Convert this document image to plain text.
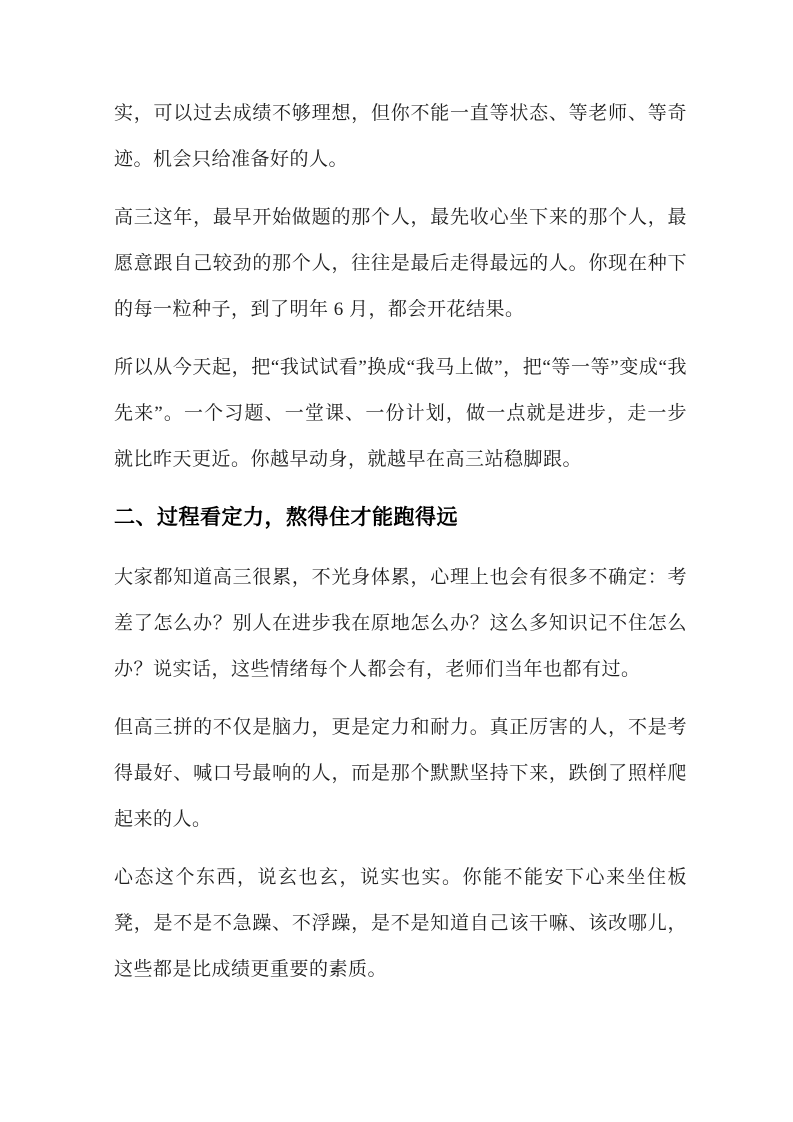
实，可以过去成绩不够理想，但你不能一直等状态、等老师、等奇迹。机会只给准备好的人。

高三这年，最早开始做题的那个人，最先收心坐下来的那个人，最愿意跟自己较劲的那个人，往往是最后走得最远的人。你现在种下的每一粒种子，到了明年 6 月，都会开花结果。

所以从今天起，把“我试试看”换成“我马上做”，把“等一等”变成“我先来”。一个习题、一堂课、一份计划，做一点就是进步，走一步就比昨天更近。你越早动身，就越早在高三站稳脚跟。

二、过程看定力，熬得住才能跑得远

大家都知道高三很累，不光身体累，心理上也会有很多不确定：考差了怎么办？别人在进步我在原地怎么办？这么多知识记不住怎么办？说实话，这些情绪每个人都会有，老师们当年也都有过。

但高三拼的不仅是脑力，更是定力和耐力。真正厉害的人，不是考得最好、喊口号最响的人，而是那个默默坚持下来，跌倒了照样爬起来的人。

心态这个东西，说玄也玄，说实也实。你能不能安下心来坐住板凳，是不是不急躁、不浮躁，是不是知道自己该干嘛、该改哪儿，这些都是比成绩更重要的素质。
